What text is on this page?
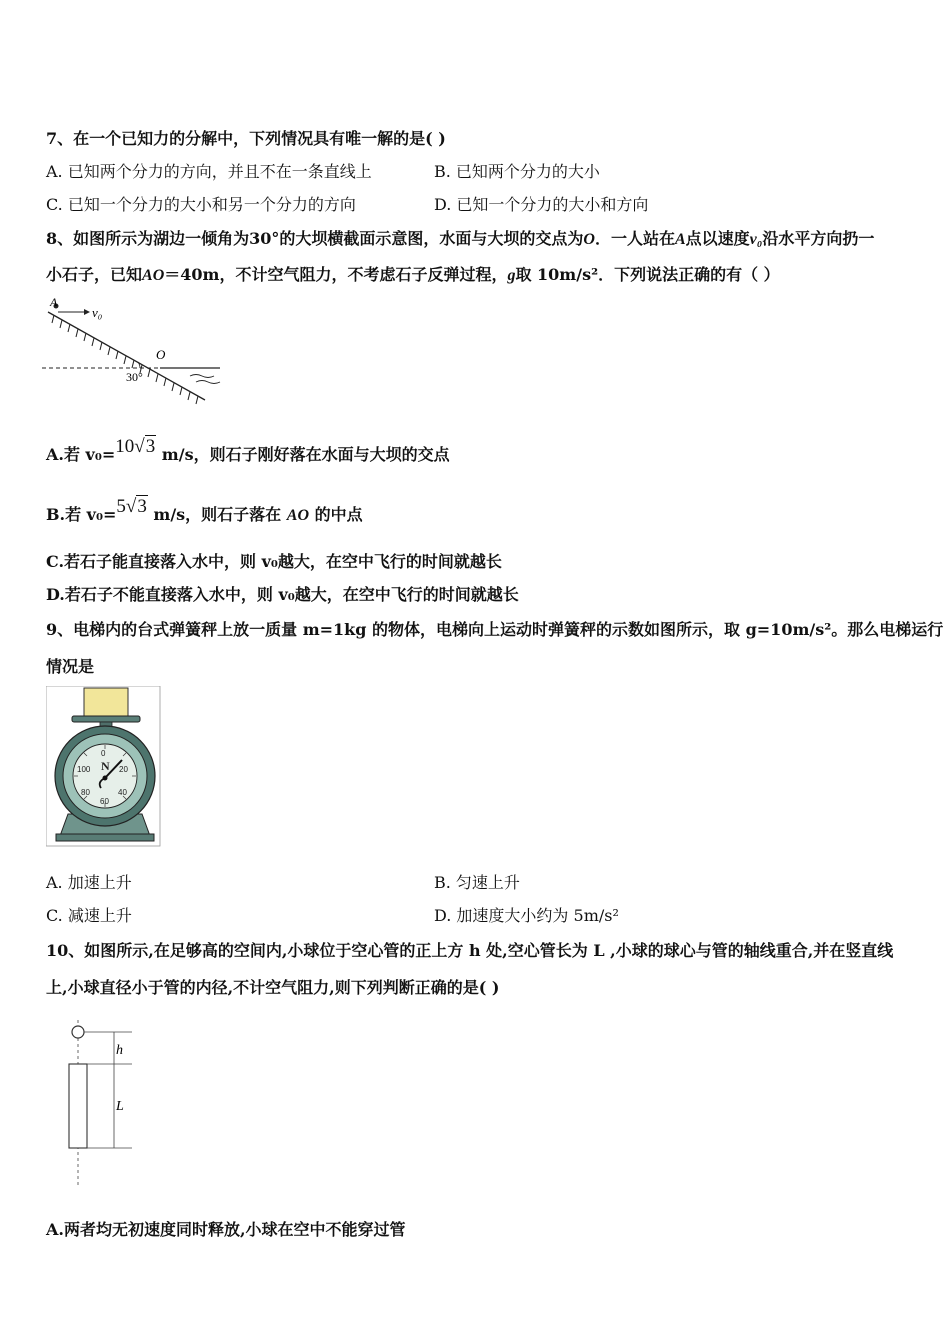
7、在一个已知力的分解中，下列情况具有唯一解的是( )
A. 已知两个分力的方向，并且不在一条直线上	B. 已知两个分力的大小
C. 已知一个分力的大小和另一个分力的方向	D. 已知一个分力的大小和方向
8、如图所示为湖边一倾角为30°的大坝横截面示意图，水面与大坝的交点为O．一人站在A点以速度v₀沿水平方向扔一
小石子，已知AO＝40m，不计空气阻力，不考虑石子反弹过程，g取 10m/s²．下列说法正确的有（ ）
A
v₀
O
30°
A.若 v₀=10√3 m/s，则石子刚好落在水面与大坝的交点
B.若 v₀=5√3 m/s，则石子落在 AO 的中点
C.若石子能直接落入水中，则 v₀越大，在空中飞行的时间就越长
D.若石子不能直接落入水中，则 v₀越大，在空中飞行的时间就越长
9、电梯内的台式弹簧秤上放一质量 m=1kg 的物体，电梯向上运动时弹簧秤的示数如图所示，取 g=10m/s²。那么电梯运行
情况是
0
N 20
40
60
80
100
A. 加速上升	B. 匀速上升
C. 减速上升	D. 加速度大小约为 5m/s²
10、如图所示,在足够高的空间内,小球位于空心管的正上方 h 处,空心管长为 L ,小球的球心与管的轴线重合,并在竖直线
上,小球直径小于管的内径,不计空气阻力,则下列判断正确的是( )
h
L
A.两者均无初速度同时释放,小球在空中不能穿过管
